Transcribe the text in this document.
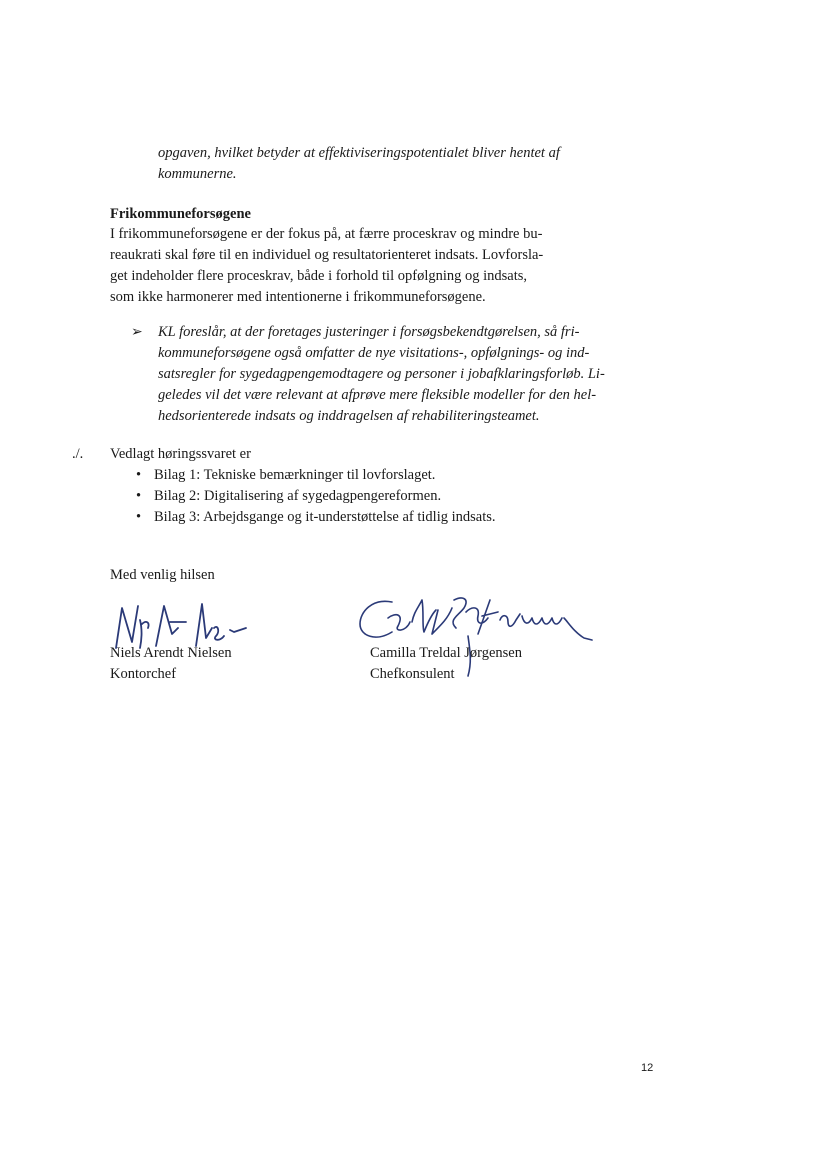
opgaven, hvilket betyder at effektiviseringspotentialet bliver hentet af
kommunerne.
Frikommuneforsøgene
I frikommuneforsøgene er der fokus på, at færre proceskrav og mindre bu-
reaukrati skal føre til en individuel og resultatorienteret indsats. Lovforsla-
get indeholder flere proceskrav, både i forhold til opfølgning og indsats,
som ikke harmonerer med intentionerne i frikommuneforsøgene.
➢ KL foreslår, at der foretages justeringer i forsøgsbekendtgørelsen, så fri-
kommuneforsøgene også omfatter de nye visitations-, opfølgnings- og ind-
satsregler for sygedagpengemodtagere og personer i jobafklaringsforløb. Li-
geledes vil det være relevant at afprøve mere fleksible modeller for den hel-
hedsorienterede indsats og inddragelsen af rehabiliteringsteamet.
./. Vedlagt høringssvaret er
• Bilag 1: Tekniske bemærkninger til lovforslaget.
• Bilag 2: Digitalisering af sygedagpengereformen.
• Bilag 3: Arbejdsgange og it-understøttelse af tidlig indsats.
Med venlig hilsen
Niels Arendt Nielsen
Kontorchef
Camilla Treldal Jørgensen
Chefkonsulent
12
